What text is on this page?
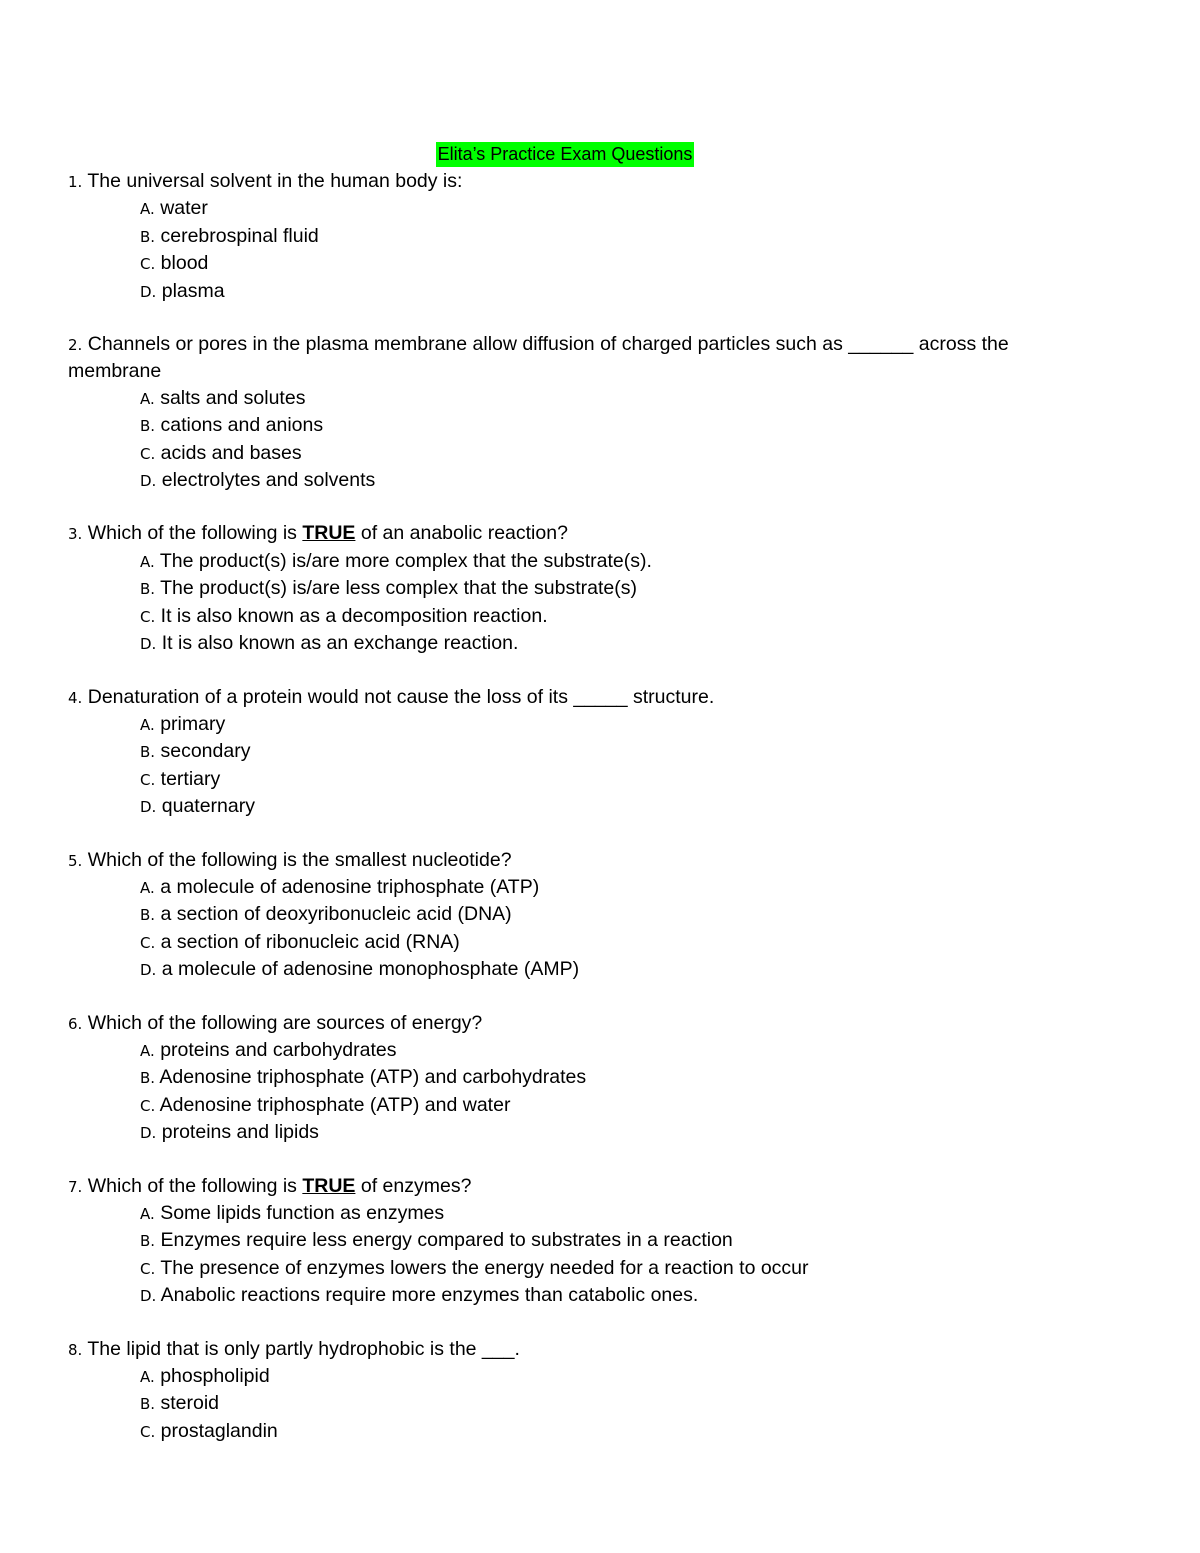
Elita’s Practice Exam Questions

1. The universal solvent in the human body is:

A. water
B. cerebrospinal fluid
C. blood
D. plasma

2. Channels or pores in the plasma membrane allow diffusion of charged particles such as ______ across the membrane

A. salts and solutes
B. cations and anions
C. acids and bases
D. electrolytes and solvents

3. Which of the following is TRUE of an anabolic reaction?

A. The product(s) is/are more complex that the substrate(s).
B. The product(s) is/are less complex that the substrate(s)
C. It is also known as a decomposition reaction.
D. It is also known as an exchange reaction.

4. Denaturation of a protein would not cause the loss of its _____ structure.

A. primary
B. secondary
C. tertiary
D. quaternary

5. Which of the following is the smallest nucleotide?

A. a molecule of adenosine triphosphate (ATP)
B. a section of deoxyribonucleic acid (DNA)
C. a section of ribonucleic acid (RNA)
D. a molecule of adenosine monophosphate (AMP)

6. Which of the following are sources of energy?

A. proteins and carbohydrates
B. Adenosine triphosphate (ATP) and carbohydrates
C. Adenosine triphosphate (ATP) and water
D. proteins and lipids

7. Which of the following is TRUE of enzymes?

A. Some lipids function as enzymes
B. Enzymes require less energy compared to substrates in a reaction
C. The presence of enzymes lowers the energy needed for a reaction to occur
D. Anabolic reactions require more enzymes than catabolic ones.

8. The lipid that is only partly hydrophobic is the ___.

A. phospholipid
B. steroid
C. prostaglandin
